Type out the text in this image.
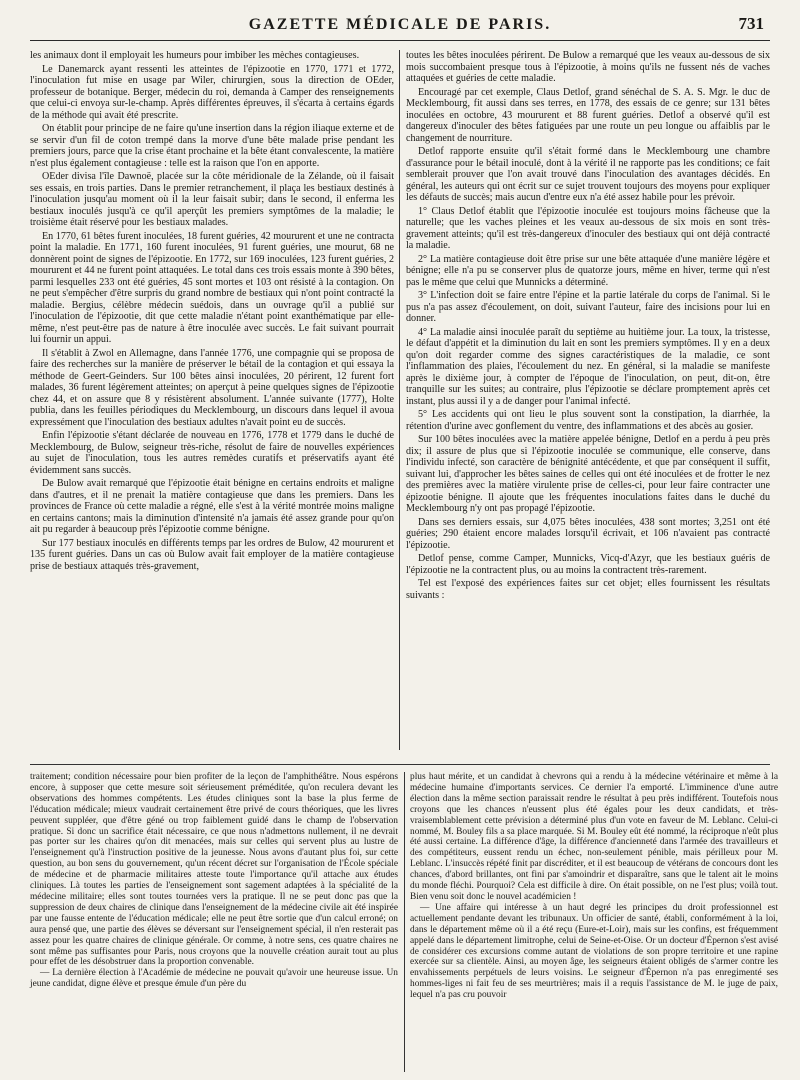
GAZETTE MÉDICALE DE PARIS.	731

les animaux dont il employait les humeurs pour imbiber les mèches contagieuses.

Le Danemarck ayant ressenti les atteintes de l'épizootie en 1770, 1771 et 1772, l'inoculation fut mise en usage par Wiler, chirurgien, sous la direction de OEder, professeur de botanique. Berger, médecin du roi, demanda à Camper des renseignements que celui-ci envoya sur-le-champ. Après différentes épreuves, il s'écarta à certains égards de la méthode qui avait été prescrite.

On établit pour principe de ne faire qu'une insertion dans la région iliaque externe et de se servir d'un fil de coton trempé dans la morve d'une bête malade prise pendant les premiers jours, parce que la crise étant prochaine et la bête étant convalescente, la matière n'est plus également contagieuse : telle est la raison que l'on en apporte.

OEder divisa l'île Dawnoë, placée sur la côte méridionale de la Zélande, où il faisait ses essais, en trois parties. Dans le premier retranchement, il plaça les bestiaux destinés à l'inoculation jusqu'au moment où il la leur faisait subir; dans le second, il enferma les bestiaux inoculés jusqu'à ce qu'il aperçût les premiers symptômes de la maladie; le troisième était réservé pour les bestiaux malades.

En 1770, 61 bêtes furent inoculées, 18 furent guéries, 42 moururent et une ne contracta point la maladie. En 1771, 160 furent inoculées, 91 furent guéries, une mourut, 68 ne donnèrent point de signes de l'épizootie. En 1772, sur 169 inoculées, 123 furent guéries, 2 moururent et 44 ne furent point attaquées. Le total dans ces trois essais monte à 390 bêtes, parmi lesquelles 233 ont été guéries, 45 sont mortes et 103 ont résisté à la contagion. On ne peut s'empêcher d'être surpris du grand nombre de bestiaux qui n'ont point contracté la maladie. Bergius, célèbre médecin suédois, dans un ouvrage qu'il a publié sur l'inoculation de l'épizootie, dit que cette maladie n'étant point exanthématique par elle-même, n'est peut-être pas de nature à être inoculée avec succès. Le fait suivant pourrait lui fournir un appui.

Il s'établit à Zwol en Allemagne, dans l'année 1776, une compagnie qui se proposa de faire des recherches sur la manière de préserver le bétail de la contagion et qui essaya la méthode de Geert-Geinders. Sur 100 bêtes ainsi inoculées, 20 périrent, 12 furent fort malades, 36 furent légèrement atteintes; on aperçut à peine quelques signes de l'épizootie chez 44, et on assure que 8 y résistèrent absolument. L'année suivante (1777), Holte publia, dans les feuilles périodiques du Mecklembourg, un discours dans lequel il avoua expressément que l'inoculation des bestiaux adultes n'avait point eu de succès.

Enfin l'épizootie s'étant déclarée de nouveau en 1776, 1778 et 1779 dans le duché de Mecklembourg, de Bulow, seigneur très-riche, résolut de faire de nouvelles expériences au sujet de l'inoculation, tous les autres remèdes curatifs et préservatifs ayant été évidemment sans succès.

De Bulow avait remarqué que l'épizootie était bénigne en certains endroits et maligne dans d'autres, et il ne prenait la matière contagieuse que dans les premiers. Dans les provinces de France où cette maladie a régné, elle s'est à la vérité montrée moins maligne en certains cantons; mais la diminution d'intensité n'a jamais été assez grande pour qu'on ait pu regarder à beaucoup près l'épizootie comme bénigne.

Sur 177 bestiaux inoculés en différents temps par les ordres de Bulow, 42 moururent et 135 furent guéries. Dans un cas où Bulow avait fait employer de la matière contagieuse prise de bestiaux attaqués très-gravement,

toutes les bêtes inoculées périrent. De Bulow a remarqué que les veaux au-dessous de six mois succombaient presque tous à l'épizootie, à moins qu'ils ne fussent nés de vaches attaquées et guéries de cette maladie.

Encouragé par cet exemple, Claus Detlof, grand sénéchal de S. A. S. Mgr. le duc de Mecklembourg, fit aussi dans ses terres, en 1778, des essais de ce genre; sur 131 bêtes inoculées en octobre, 43 moururent et 88 furent guéries. Detlof a observé qu'il est dangereux d'inoculer des bêtes fatiguées par une route un peu longue ou affaiblis par le changement de nourriture.

Detlof rapporte ensuite qu'il s'était formé dans le Mecklembourg une chambre d'assurance pour le bétail inoculé, dont à la vérité il ne rapporte pas les conditions; ce fait semblerait prouver que l'on avait trouvé dans l'inoculation des avantages décidés. En général, les auteurs qui ont écrit sur ce sujet trouvent toujours des moyens pour expliquer les défauts de succès; mais aucun d'entre eux n'a été assez habile pour les prévoir.

1° Claus Detlof établit que l'épizootie inoculée est toujours moins fâcheuse que la naturelle; que les vaches pleines et les veaux au-dessous de six mois en sont très-gravement atteints; qu'il est très-dangereux d'inoculer des bestiaux qui ont déjà contracté la maladie.

2° La matière contagieuse doit être prise sur une bête attaquée d'une manière légère et bénigne; elle n'a pu se conserver plus de quatorze jours, même en hiver, terme qui n'est pas le même que celui que Munnicks a déterminé.

3° L'infection doit se faire entre l'épine et la partie latérale du corps de l'animal. Si le pus n'a pas assez d'écoulement, on doit, suivant l'auteur, faire des incisions pour lui en donner.

4° La maladie ainsi inoculée paraît du septième au huitième jour. La toux, la tristesse, le défaut d'appétit et la diminution du lait en sont les premiers symptômes. Il y en a deux qu'on doit regarder comme des signes caractéristiques de la maladie, ce sont l'inflammation des plaies, l'écoulement du nez. En général, si la maladie se manifeste après le dixième jour, à compter de l'époque de l'inoculation, on peut, dit-on, être tranquille sur les suites; au contraire, plus l'épizootie se déclare promptement après cet instant, plus aussi il y a de danger pour l'animal infecté.

5° Les accidents qui ont lieu le plus souvent sont la constipation, la diarrhée, la rétention d'urine avec gonflement du ventre, des inflammations et des abcès au gosier.

Sur 100 bêtes inoculées avec la matière appelée bénigne, Detlof en a perdu à peu près dix; il assure de plus que si l'épizootie inoculée se communique, elle conserve, dans l'individu infecté, son caractère de bénignité antécédente, et que par conséquent il suffit, suivant lui, d'approcher les bêtes saines de celles qui ont été inoculées et de frotter le nez des premières avec la matière virulente prise de celles-ci, pour leur faire contracter une épizootie bénigne. Il ajoute que les fréquentes inoculations faites dans le duché du Mecklembourg n'y ont pas propagé l'épizootie.

Dans ses derniers essais, sur 4,075 bêtes inoculées, 438 sont mortes; 3,251 ont été guéries; 290 étaient encore malades lorsqu'il écrivait, et 106 n'avaient pas contracté l'épizootie.

Detlof pense, comme Camper, Munnicks, Vicq-d'Azyr, que les bestiaux guéris de l'épizootie ne la contractent plus, ou au moins la contractent très-rarement.

Tel est l'exposé des expériences faites sur cet objet; elles fournissent les résultats suivants :

traitement; condition nécessaire pour bien profiter de la leçon de l'amphithéâtre. Nous espérons encore, à supposer que cette mesure soit sérieusement préméditée, qu'on reculera devant les observations des hommes compétents. Les études cliniques sont la base la plus ferme de l'éducation médicale; mieux vaudrait certainement être privé de cours théoriques, que les livres peuvent suppléer, que d'être géné ou trop faiblement guidé dans le champ de l'observation pratique. Si donc un sacrifice était nécessaire, ce que nous n'admettons nullement, il ne devrait pas porter sur les chaires qu'on dit menacées, mais sur celles qui servent plus au lustre de l'enseignement qu'à l'instruction positive de la jeunesse. Nous avons d'autant plus foi, sur cette question, au bon sens du gouvernement, qu'un récent décret sur l'organisation de l'École spéciale de médecine et de pharmacie militaires atteste toute l'importance qu'il attache aux études cliniques. Là toutes les parties de l'enseignement sont sagement adaptées à la spécialité de la médecine militaire; elles sont toutes tournées vers la pratique. Il ne se peut donc pas que la suppression de deux chaires de clinique dans l'enseignement de la médecine civile ait été inspirée par une fausse entente de l'éducation médicale; elle ne peut être sortie que d'un calcul erroné; on aura pensé que, une partie des élèves se déversant sur l'enseignement spécial, il n'en resterait pas assez pour les quatre chaires de clinique générale. Or comme, à notre sens, ces quatre chaires ne sont même pas suffisantes pour Paris, nous croyons que la nouvelle création aurait tout au plus pour effet de les désobstruer dans la proportion convenable.

— La dernière élection à l'Académie de médecine ne pouvait qu'avoir une heureuse issue. Un jeune candidat, digne élève et presque émule d'un père du

plus haut mérite, et un candidat à chevrons qui a rendu à la médecine vétérinaire et même à la médecine humaine d'importants services. Ce dernier l'a emporté. L'imminence d'une autre élection dans la même section paraissait rendre le résultat à peu près indifférent. Toutefois nous croyons que les chances n'eussent plus été égales pour les deux candidats, et très-vraisemblablement cette prévision a déterminé plus d'un vote en faveur de M. Leblanc. Celui-ci nommé, M. Bouley fils a sa place marquée. Si M. Bouley eût été nommé, la réciproque n'eût plus été aussi certaine. La différence d'âge, la différence d'ancienneté dans l'armée des travailleurs et des compétiteurs, eussent rendu un échec, non-seulement pénible, mais périlleux pour M. Leblanc. L'insuccès répété finit par discréditer, et il est beaucoup de vétérans de concours dont les chances, d'abord brillantes, ont fini par s'amoindrir et disparaître, sans que le talent ait le moins du monde fléchi. Pourquoi? Cela est difficile à dire. On était possible, on ne l'est plus; voilà tout. Bien venu soit donc le nouvel académicien !

— Une affaire qui intéresse à un haut degré les principes du droit professionnel est actuellement pendante devant les tribunaux. Un officier de santé, établi, conformément à la loi, dans le département même où il a été reçu (Eure-et-Loir), mais sur les confins, est fréquemment appelé dans le département limitrophe, celui de Seine-et-Oise. Or un docteur d'Épernon s'est avisé de considérer ces excursions comme autant de violations de son propre territoire et une rapine exercée sur sa clientèle. Ainsi, au moyen âge, les seigneurs étaient obligés de s'armer contre les envahissements perpétuels de leurs voisins. Le seigneur d'Épernon n'a pas enregimenté ses hommes-liges ni fait feu de ses meurtrières; mais il a requis l'assistance de M. le juge de paix, lequel n'a pas cru pouvoir
